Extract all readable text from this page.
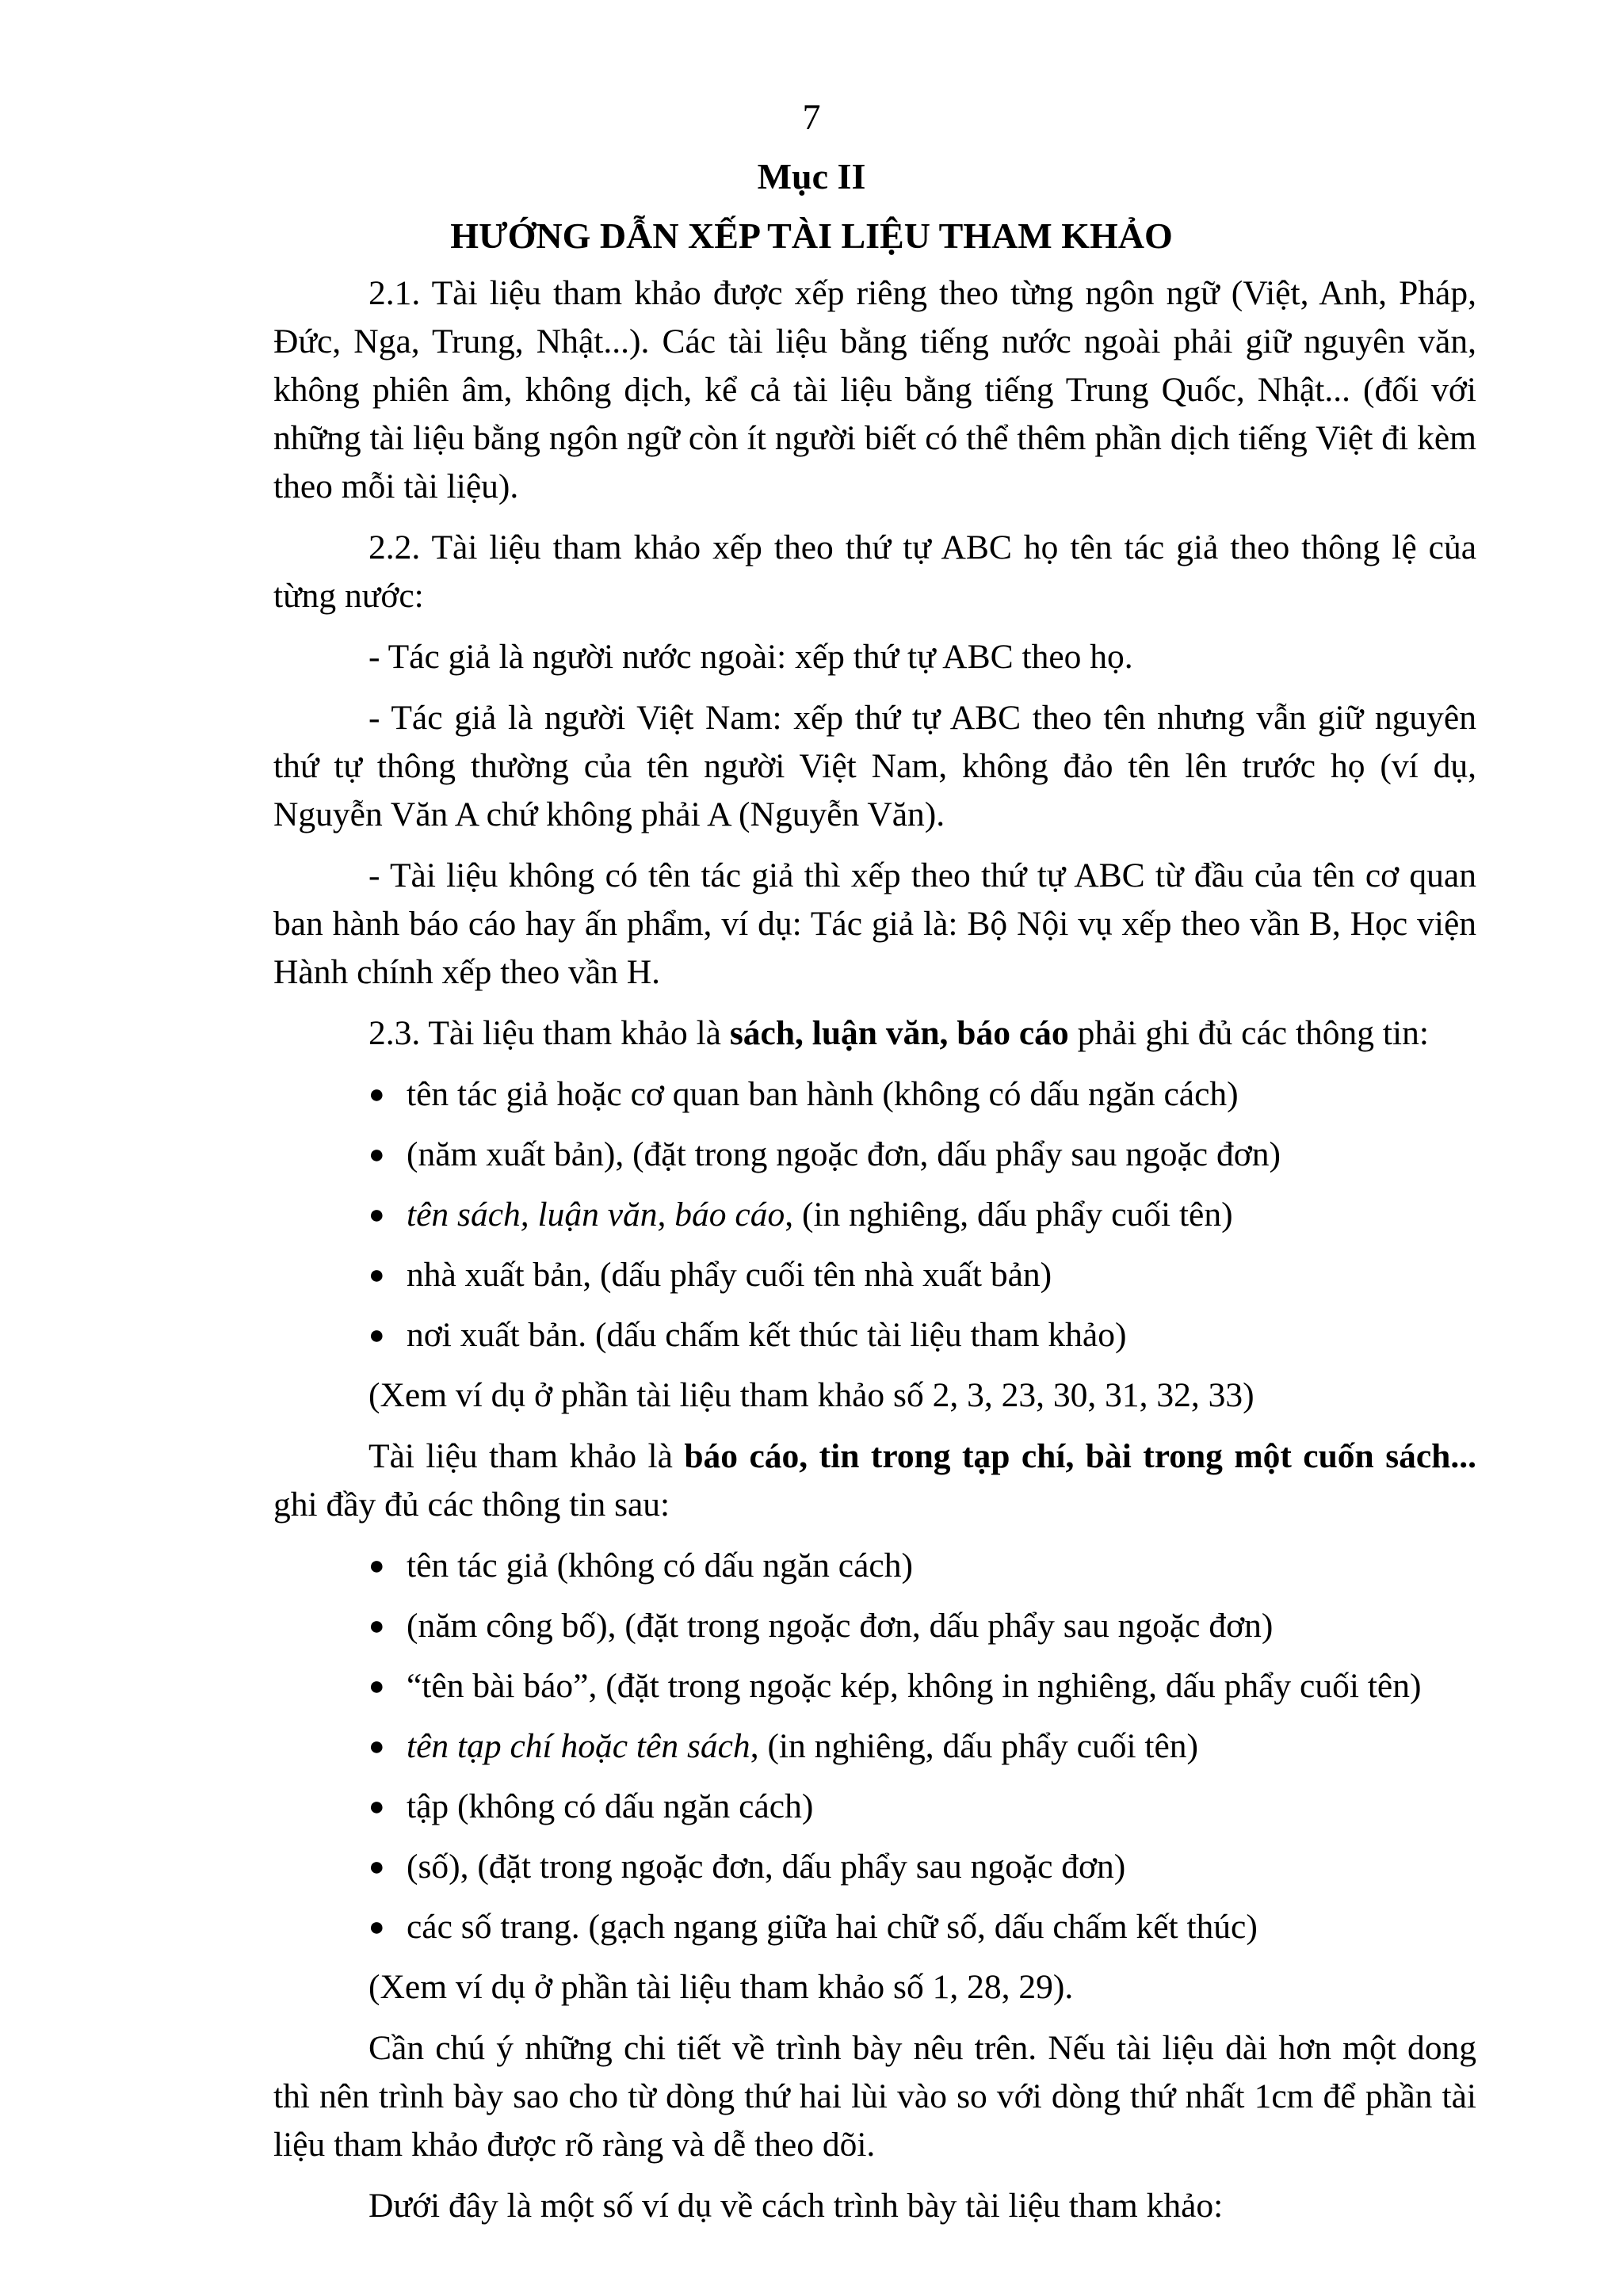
7
Mục II
HƯỚNG DẪN XẾP TÀI LIỆU THAM KHẢO

2.1. Tài liệu tham khảo được xếp riêng theo từng ngôn ngữ (Việt, Anh, Pháp, Đức, Nga, Trung, Nhật...). Các tài liệu bằng tiếng nước ngoài phải giữ nguyên văn, không phiên âm, không dịch, kể cả tài liệu bằng tiếng Trung Quốc, Nhật... (đối với những tài liệu bằng ngôn ngữ còn ít người biết có thể thêm phần dịch tiếng Việt đi kèm theo mỗi tài liệu).

2.2. Tài liệu tham khảo xếp theo thứ tự ABC họ tên tác giả theo thông lệ của từng nước:

- Tác giả là người nước ngoài: xếp thứ tự ABC theo họ.

- Tác giả là người Việt Nam: xếp thứ tự ABC theo tên nhưng vẫn giữ nguyên thứ tự thông thường của tên người Việt Nam, không đảo tên lên trước họ (ví dụ, Nguyễn Văn A chứ không phải A (Nguyễn Văn).

- Tài liệu không có tên tác giả thì xếp theo thứ tự ABC từ đầu của tên cơ quan ban hành báo cáo hay ấn phẩm, ví dụ: Tác giả là: Bộ Nội vụ xếp theo vần B, Học viện Hành chính xếp theo vần H.

2.3. Tài liệu tham khảo là sách, luận văn, báo cáo phải ghi đủ các thông tin:

● tên tác giả hoặc cơ quan ban hành (không có dấu ngăn cách)
● (năm xuất bản), (đặt trong ngoặc đơn, dấu phẩy sau ngoặc đơn)
● tên sách, luận văn, báo cáo, (in nghiêng, dấu phẩy cuối tên)
● nhà xuất bản, (dấu phẩy cuối tên nhà xuất bản)
● nơi xuất bản. (dấu chấm kết thúc tài liệu tham khảo)

(Xem ví dụ ở phần tài liệu tham khảo số 2, 3, 23, 30, 31, 32, 33)

Tài liệu tham khảo là báo cáo, tin trong tạp chí, bài trong một cuốn sách... ghi đầy đủ các thông tin sau:

● tên tác giả (không có dấu ngăn cách)
● (năm công bố), (đặt trong ngoặc đơn, dấu phẩy sau ngoặc đơn)
● “tên bài báo”, (đặt trong ngoặc kép, không in nghiêng, dấu phẩy cuối tên)
● tên tạp chí hoặc tên sách, (in nghiêng, dấu phẩy cuối tên)
● tập (không có dấu ngăn cách)
● (số), (đặt trong ngoặc đơn, dấu phẩy sau ngoặc đơn)
● các số trang. (gạch ngang giữa hai chữ số, dấu chấm kết thúc)

(Xem ví dụ ở phần tài liệu tham khảo số 1, 28, 29).

Cần chú ý những chi tiết về trình bày nêu trên. Nếu tài liệu dài hơn một dong thì nên trình bày sao cho từ dòng thứ hai lùi vào so với dòng thứ nhất 1cm để phần tài liệu tham khảo được rõ ràng và dễ theo dõi.

Dưới đây là một số ví dụ về cách trình bày tài liệu tham khảo:
